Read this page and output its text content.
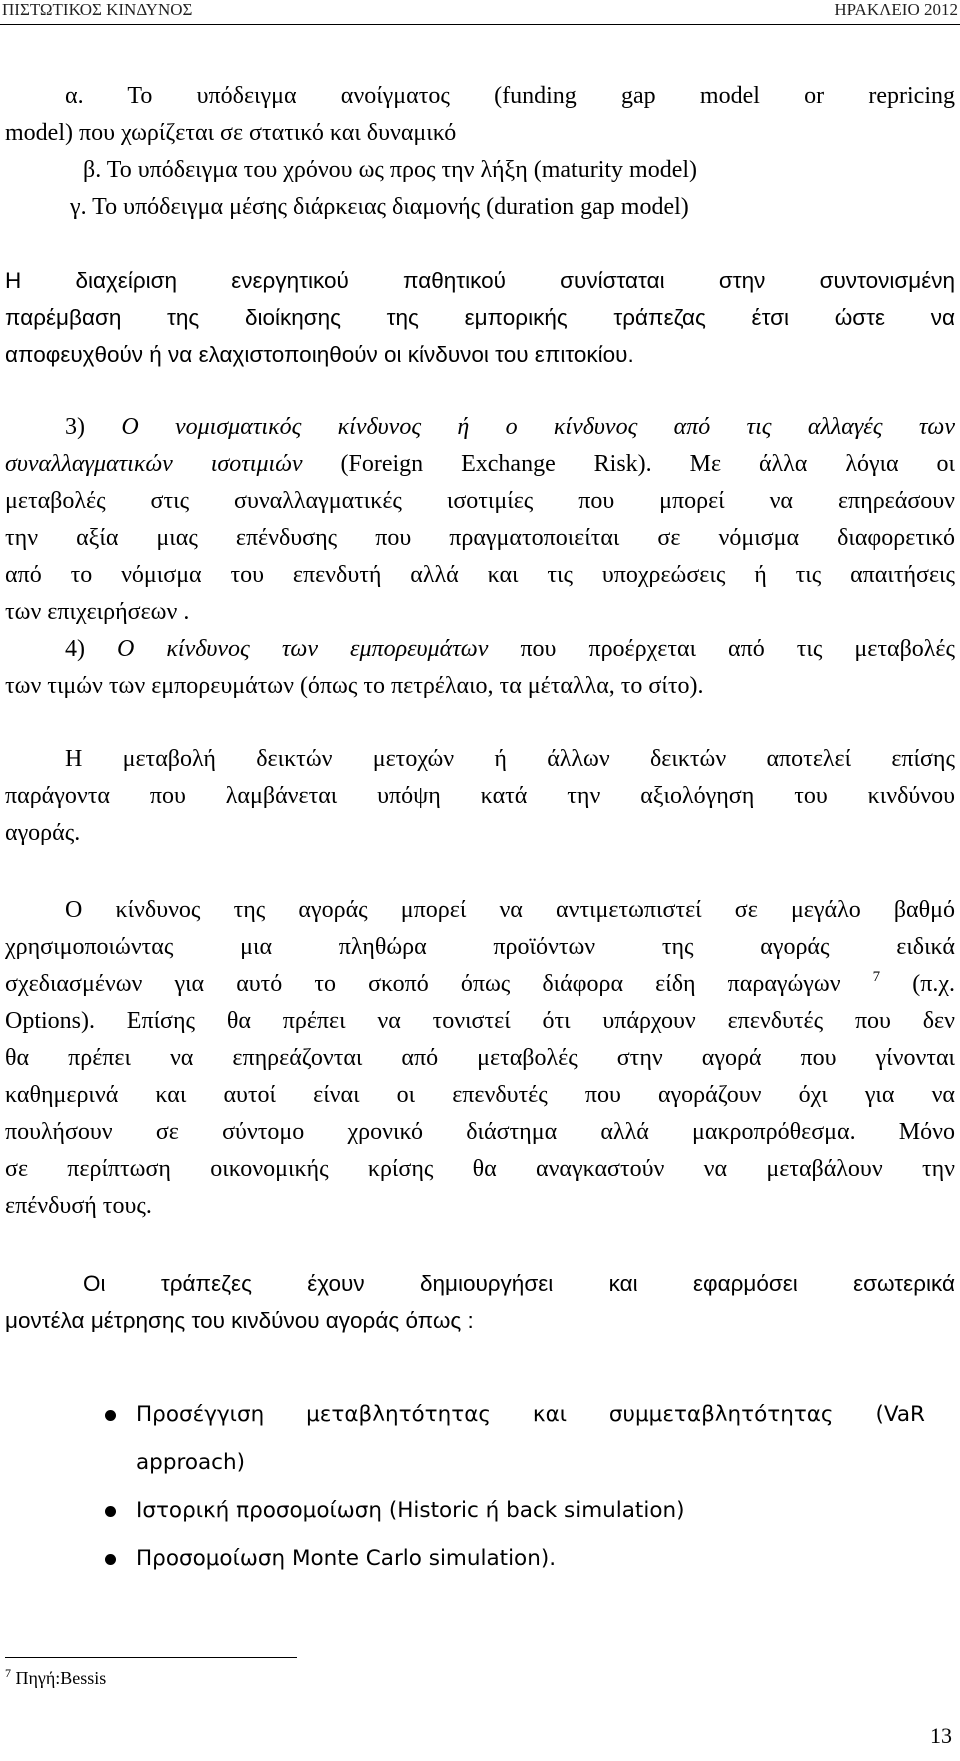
ΠΙΣΤΩΤΙΚΟΣ ΚΙΝΔΥΝΟΣ	ΗΡΑΚΛΕΙΟ 2012
α. Το υπόδειγμα ανοίγματος (funding gap model or repricing
model) που χωρίζεται σε στατικό και δυναμικό
β. Το υπόδειγμα του χρόνου ως προς την λήξη (maturity model)
γ. Το υπόδειγμα μέσης διάρκειας διαμονής (duration gap model)
Η διαχείριση ενεργητικού παθητικού συνίσταται στην συντονισμένη
παρέμβαση της διοίκησης της εμπορικής τράπεζας έτσι ώστε να
αποφευχθούν ή να ελαχιστοποιηθούν οι κίνδυνοι του επιτοκίου.
3) Ο νομισματικός κίνδυνος ή ο κίνδυνος από τις αλλαγές των
συναλλαγματικών ισοτιμιών (Foreign Exchange Risk). Με άλλα λόγια οι
μεταβολές στις συναλλαγματικές ισοτιμίες που μπορεί να επηρεάσουν
την αξία μιας επένδυσης που πραγματοποιείται σε νόμισμα διαφορετικό
από το νόμισμα του επενδυτή αλλά και τις υποχρεώσεις ή τις απαιτήσεις
των επιχειρήσεων .
4) Ο κίνδυνος των εμπορευμάτων που προέρχεται από τις μεταβολές
των τιμών των εμπορευμάτων (όπως το πετρέλαιο, τα μέταλλα, το σίτο).
Η μεταβολή δεικτών μετοχών ή άλλων δεικτών αποτελεί επίσης
παράγοντα που λαμβάνεται υπόψη κατά την αξιολόγηση του κινδύνου
αγοράς.
Ο κίνδυνος της αγοράς μπορεί να αντιμετωπιστεί σε μεγάλο βαθμό
χρησιμοποιώντας μια πληθώρα προϊόντων της αγοράς ειδικά
σχεδιασμένων για αυτό το σκοπό όπως διάφορα είδη παραγώγων $^7$ (π.χ.
Options). Επίσης θα πρέπει να τονιστεί ότι υπάρχουν επενδυτές που δεν
θα πρέπει να επηρεάζονται από μεταβολές στην αγορά που γίνονται
καθημερινά και αυτοί είναι οι επενδυτές που αγοράζουν όχι για να
πουλήσουν σε σύντομο χρονικό διάστημα αλλά μακροπρόθεσμα. Μόνο
σε περίπτωση οικονομικής κρίσης θα αναγκαστούν να μεταβάλουν την
επένδυσή τους.
Οι τράπεζες έχουν δημιουργήσει και εφαρμόσει εσωτερικά
μοντέλα μέτρησης του κινδύνου αγοράς όπως :
Προσέγγιση μεταβλητότητας και συμμεταβλητότητας (VaR
approach)
Ιστορική προσομοίωση (Historic ή back simulation)
Προσομοίωση Monte Carlo simulation).
$^7$ Πηγή:Bessis
13
